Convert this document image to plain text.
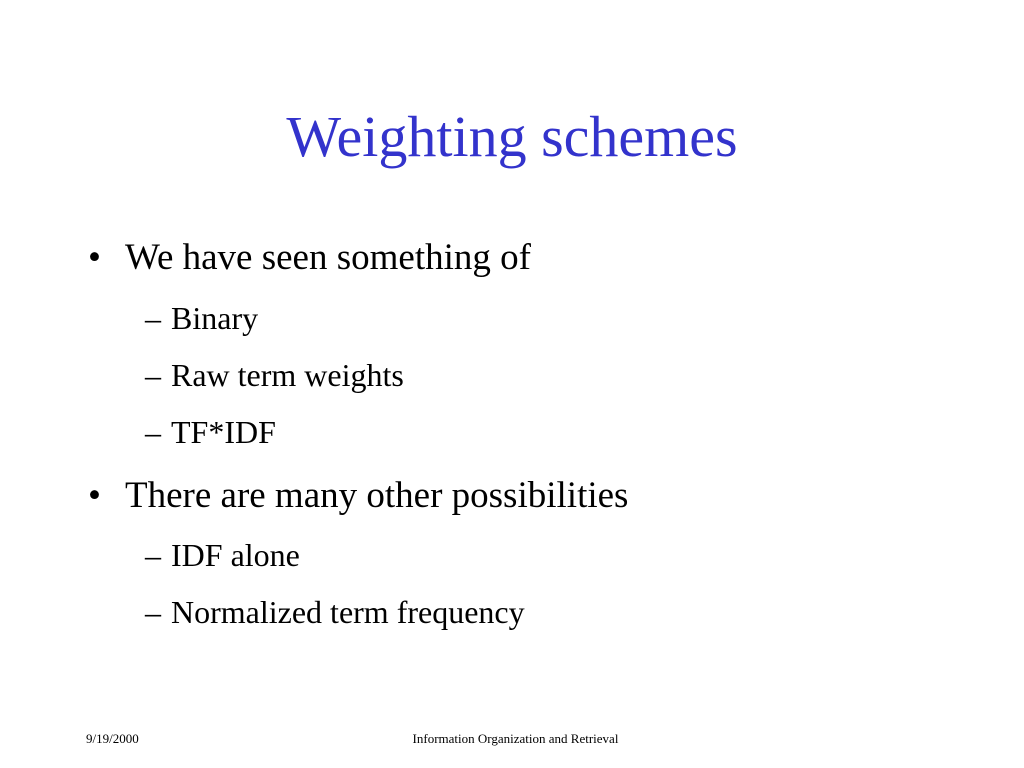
Weighting schemes
• We have seen something of
– Binary
– Raw term weights
– TF*IDF
• There are many other possibilities
– IDF alone
– Normalized term frequency
9/19/2000	Information Organization and Retrieval
